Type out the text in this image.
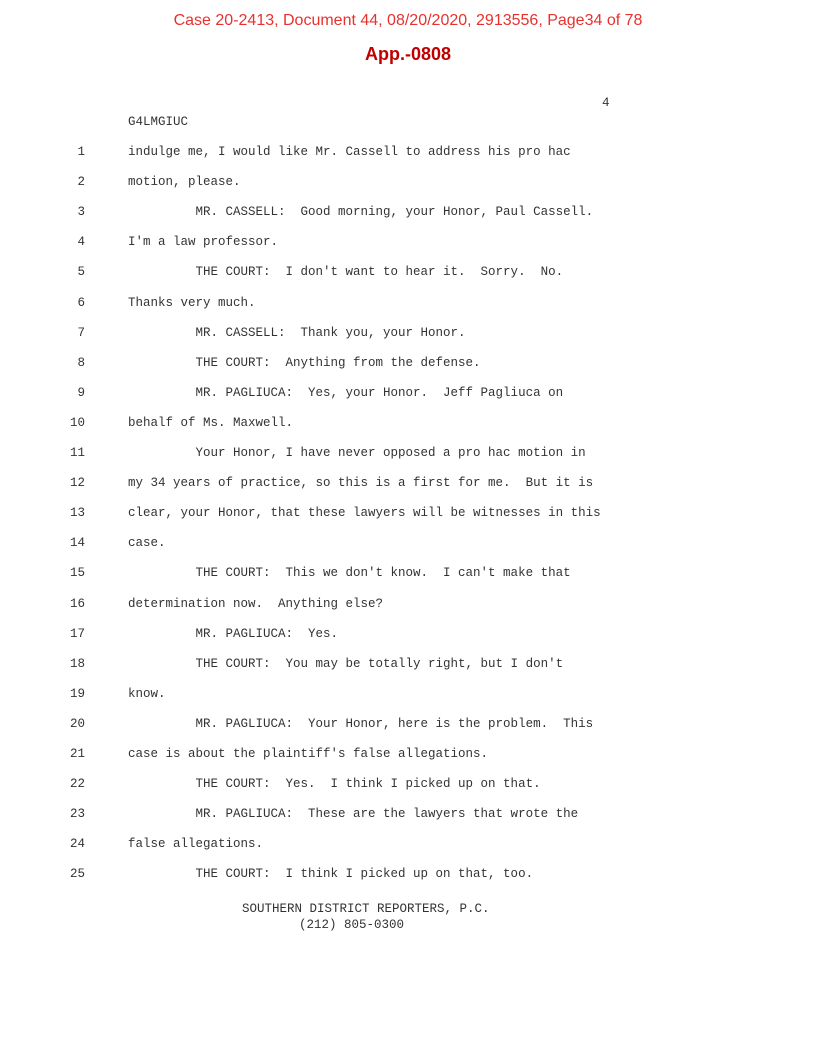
Case 20-2413, Document 44, 08/20/2020, 2913556, Page34 of 78
App.-0808
4
G4LMGIUC
1	indulge me, I would like Mr. Cassell to address his pro hac
2	motion, please.
3	MR. CASSELL:  Good morning, your Honor, Paul Cassell.
4	I'm a law professor.
5	THE COURT:  I don't want to hear it.  Sorry.  No.
6	Thanks very much.
7	MR. CASSELL:  Thank you, your Honor.
8	THE COURT:  Anything from the defense.
9	MR. PAGLIUCA:  Yes, your Honor.  Jeff Pagliuca on
10	behalf of Ms. Maxwell.
11	Your Honor, I have never opposed a pro hac motion in
12	my 34 years of practice, so this is a first for me.  But it is
13	clear, your Honor, that these lawyers will be witnesses in this
14	case.
15	THE COURT:  This we don't know.  I can't make that
16	determination now.  Anything else?
17	MR. PAGLIUCA:  Yes.
18	THE COURT:  You may be totally right, but I don't
19	know.
20	MR. PAGLIUCA:  Your Honor, here is the problem.  This
21	case is about the plaintiff's false allegations.
22	THE COURT:  Yes.  I think I picked up on that.
23	MR. PAGLIUCA:  These are the lawyers that wrote the
24	false allegations.
25	THE COURT:  I think I picked up on that, too.
SOUTHERN DISTRICT REPORTERS, P.C.
(212) 805-0300
